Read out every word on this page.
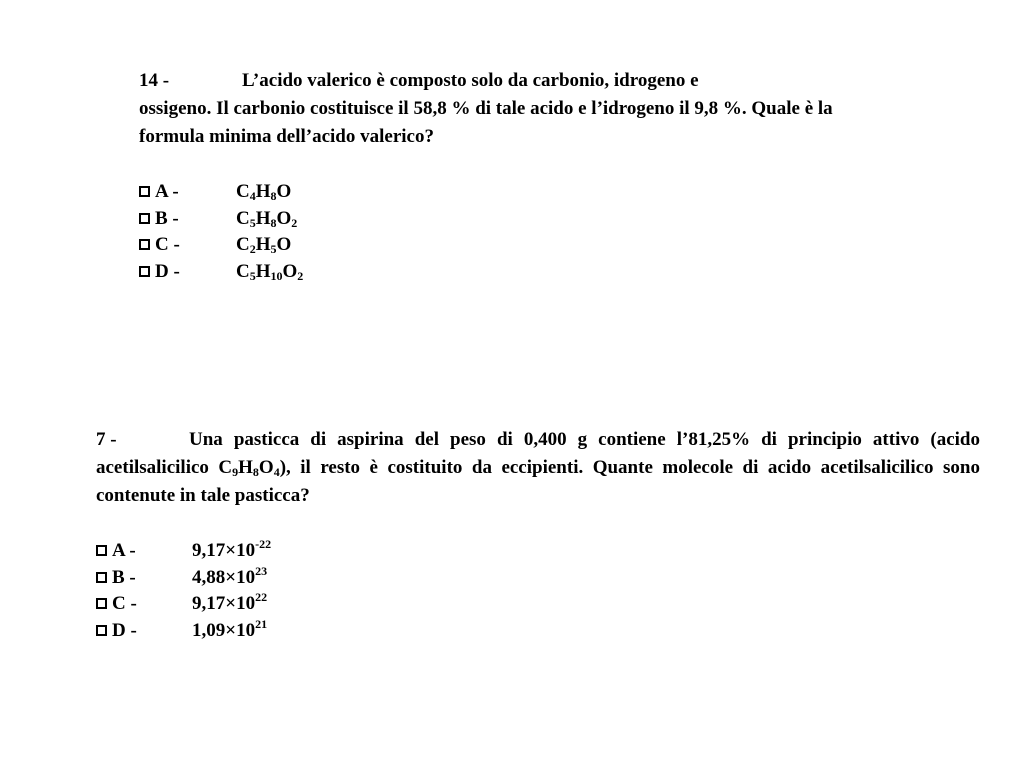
14 -	L’acido valerico è composto solo da carbonio, idrogeno e
ossigeno. Il carbonio costituisce il 58,8 % di tale acido e l’idrogeno il 9,8 %. Quale è la formula minima dell’acido valerico?

A -	$C_4H_8O$
B -	$C_5H_8O_2$
C -	$C_2H_5O$
D -	$C_5H_{10}O_2$

7 -	Una pasticca di aspirina del peso di 0,400 g contiene l’81,25% di principio attivo (acido acetilsalicilico $C_9H_8O_4$), il resto è costituito da eccipienti. Quante molecole di acido acetilsalicilico sono contenute in tale pasticca?

A -	$9,17\times 10^{-22}$
B -	$4,88\times 10^{23}$
C -	$9,17\times 10^{22}$
D -	$1,09\times 10^{21}$
